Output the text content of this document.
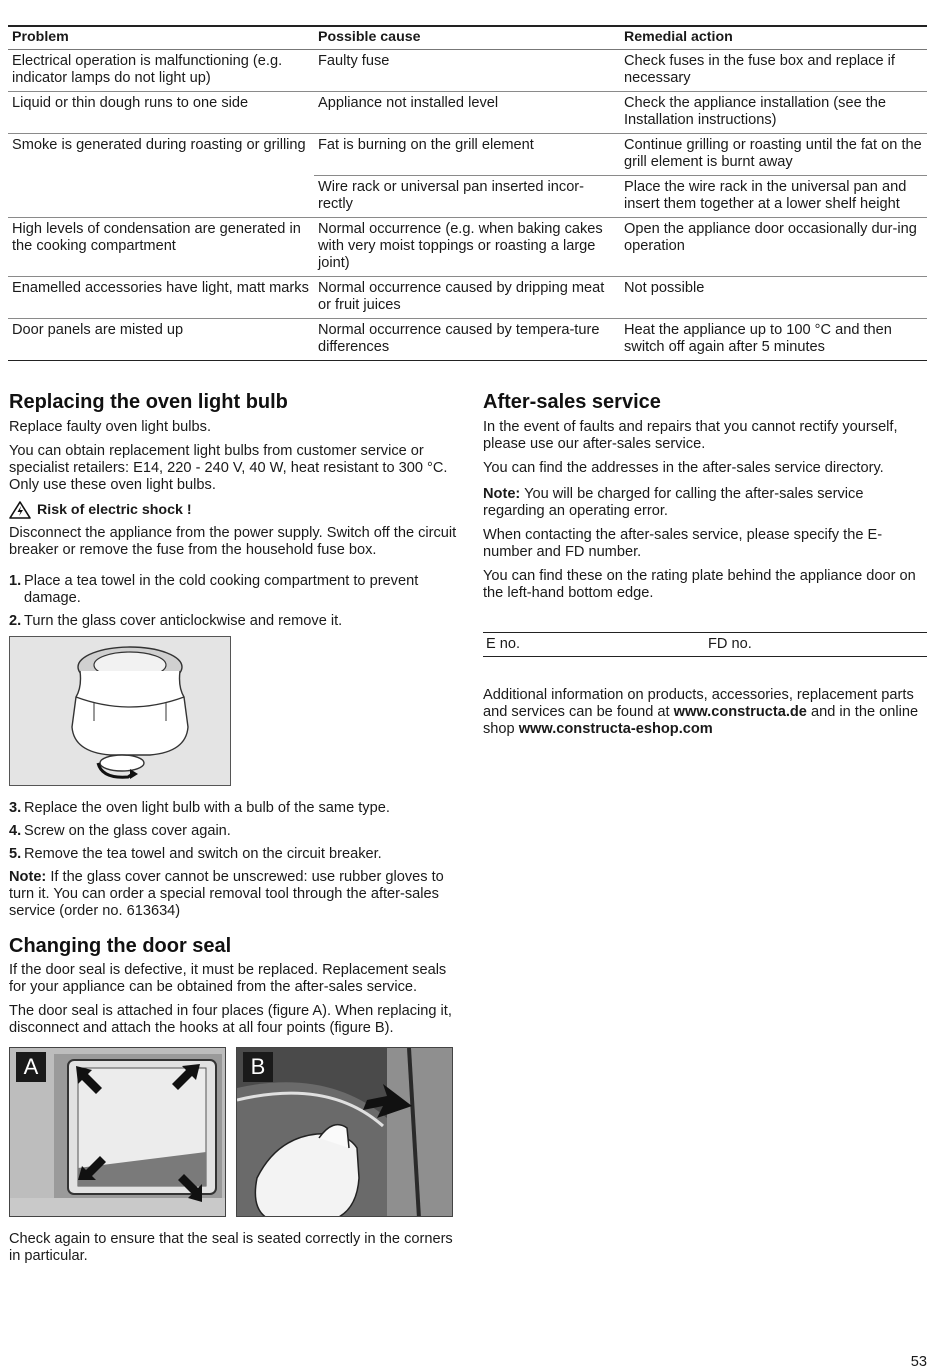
Problem	Possible cause	Remedial action
Electrical operation is malfunctioning (e.g. indicator lamps do not light up)	Faulty fuse	Check fuses in the fuse box and replace if necessary
Liquid or thin dough runs to one side	Appliance not installed level	Check the appliance installation (see the Installation instructions)
Smoke is generated during roasting or grilling	Fat is burning on the grill element	Continue grilling or roasting until the fat on the grill element is burnt away
	Wire rack or universal pan inserted incor-rectly	Place the wire rack in the universal pan and insert them together at a lower shelf height
High levels of condensation are generated in the cooking compartment	Normal occurrence (e.g. when baking cakes with very moist toppings or roasting a large joint)	Open the appliance door occasionally dur-ing operation
Enamelled accessories have light, matt marks	Normal occurrence caused by dripping meat or fruit juices	Not possible
Door panels are misted up	Normal occurrence caused by tempera-ture differences	Heat the appliance up to 100 °C and then switch off again after 5 minutes
Replacing the oven light bulb

Replace faulty oven light bulbs.

You can obtain replacement light bulbs from customer service or specialist retailers: E14, 220 - 240 V, 40 W, heat resistant to 300 °C. Only use these oven light bulbs.

Risk of electric shock !

Disconnect the appliance from the power supply. Switch off the circuit breaker or remove the fuse from the household fuse box.

1. Place a tea towel in the cold cooking compartment to prevent damage.
2. Turn the glass cover anticlockwise and remove it.
3. Replace the oven light bulb with a bulb of the same type.
4. Screw on the glass cover again.
5. Remove the tea towel and switch on the circuit breaker.

Note: If the glass cover cannot be unscrewed: use rubber gloves to turn it. You can order a special removal tool through the after-sales service (order no. 613634)

Changing the door seal

If the door seal is defective, it must be replaced. Replacement seals for your appliance can be obtained from the after-sales service.

The door seal is attached in four places (figure A). When replacing it, disconnect and attach the hooks at all four points (figure B).

A	B

Check again to ensure that the seal is seated correctly in the corners in particular.

After-sales service

In the event of faults and repairs that you cannot rectify yourself, please use our after-sales service.

You can find the addresses in the after-sales service directory.

Note: You will be charged for calling the after-sales service regarding an operating error.

When contacting the after-sales service, please specify the E-number and FD number.

You can find these on the rating plate behind the appliance door on the left-hand bottom edge.

E no.	FD no.

Additional information on products, accessories, replacement parts and services can be found at www.constructa.de and in the online shop www.constructa-eshop.com

53
